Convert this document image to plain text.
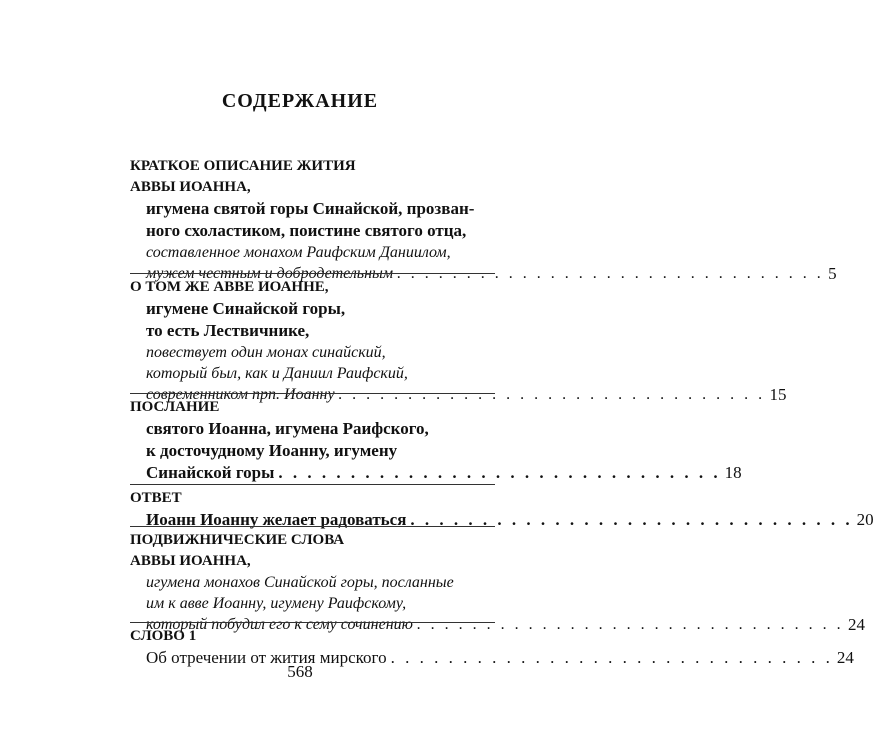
СОДЕРЖАНИЕ
КРАТКОЕ ОПИСАНИЕ ЖИТИЯ
АВВЫ ИОАННА,
игумена святой горы Синайской, прозван-
ного схоластиком, поистине святого отца,
составленное монахом Раифским Даниилом,
мужем честным и добродетельным . . . . . . . . . . . . . . . . . . . . . . . . . . . . . . . 5
О ТОМ ЖЕ АВВЕ ИОАННЕ,
игумене Синайской горы,
то есть Лествичнике,
повествует один монах синайский,
который был, как и Даниил Раифский,
современником прп. Иоанну . . . . . . . . . . . . . . . . . . . . . . . . . . . . . . . 15
ПОСЛАНИЕ
святого Иоанна, игумена Раифского,
к досточудному Иоанну, игумену
Синайской горы . . . . . . . . . . . . . . . . . . . . . . . . . . . . . . . 18
ОТВЕТ
Иоанн Иоанну желает радоваться . . . . . . . . . . . . . . . . . . . . . . . . . . . . . . . 20
ПОДВИЖНИЧЕСКИЕ СЛОВА
АВВЫ ИОАННА,
игумена монахов Синайской горы, посланные
им к авве Иоанну, игумену Раифскому,
который побудил его к сему сочинению . . . . . . . . . . . . . . . . . . . . . . . . . . . . . . . 24
СЛОВО 1
Об отречении от жития мирского . . . . . . . . . . . . . . . . . . . . . . . . . . . . . . . 24
568
